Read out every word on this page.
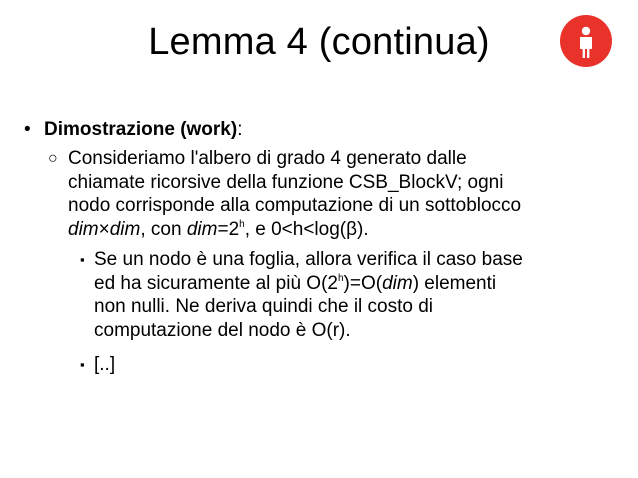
Lemma 4 (continua)
• Dimostrazione (work):
○ Consideriamo l'albero di grado 4 generato dalle
chiamate ricorsive della funzione CSB_BlockV; ogni
nodo corrisponde alla computazione di un sottoblocco
dim×dim, con $dim=2^h$, e 0<h<log(β).
▪ Se un nodo è una foglia, allora verifica il caso base
ed ha sicuramente al più $O(2^h)=O(dim)$ elementi
non nulli. Ne deriva quindi che il costo di
computazione del nodo è O(r).
▪ [..]
